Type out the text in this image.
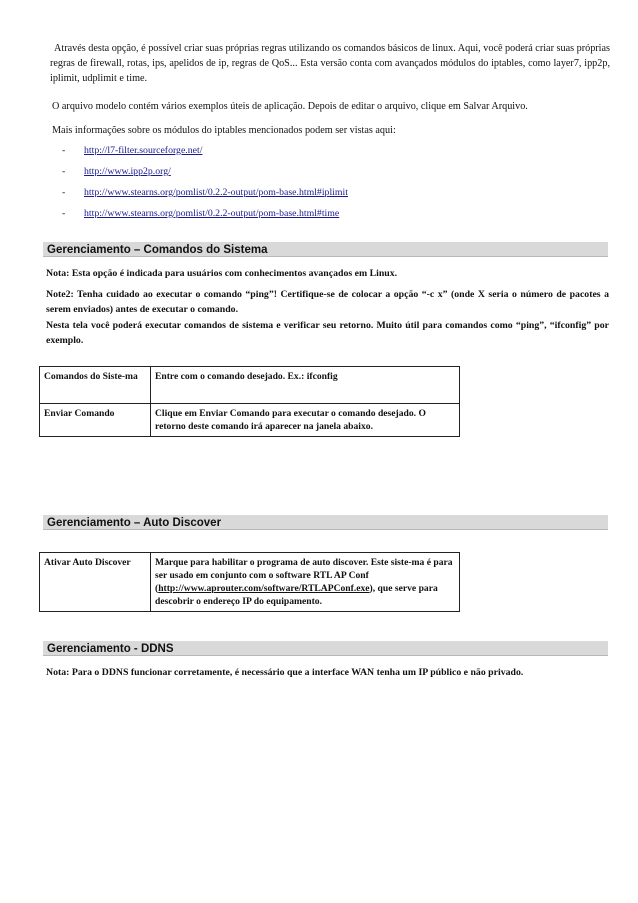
Através desta opção, é possível criar suas próprias regras utilizando os comandos básicos de linux. Aqui, você poderá criar suas próprias regras de firewall, rotas, ips, apelidos de ip, regras de QoS... Esta versão conta com avançados módulos do iptables, como layer7, ipp2p, iplimit, udplimit e time.

O arquivo modelo contém vários exemplos úteis de aplicação. Depois de editar o arquivo, clique em Salvar Arquivo.

Mais informações sobre os módulos do iptables mencionados podem ser vistas aqui:

- http://l7-filter.sourceforge.net/
- http://www.ipp2p.org/
- http://www.stearns.org/pomlist/0.2.2-output/pom-base.html#iplimit
- http://www.stearns.org/pomlist/0.2.2-output/pom-base.html#time
Gerenciamento – Comandos do Sistema

Nota: Esta opção é indicada para usuários com conhecimentos avançados em Linux.

Note2: Tenha cuidado ao executar o comando “ping”! Certifique-se de colocar a opção “-c x” (onde X seria o número de pacotes a serem enviados) antes de executar o comando.

Nesta tela você poderá executar comandos de sistema e verificar seu retorno. Muito útil para comandos como “ping”, “ifconfig” por exemplo.

Comandos do Siste-ma	Entre com o comando desejado. Ex.: ifconfig
Enviar Comando	Clique em Enviar Comando para executar o comando desejado. O retorno deste comando irá aparecer na janela abaixo.
Gerenciamento – Auto Discover
Ativar Auto Discover	Marque para habilitar o programa de auto discover. Este siste-ma é para ser usado em conjunto com o software RTL AP Conf (http://www.aprouter.com/software/RTLAPConf.exe), que serve para descobrir o endereço IP do equipamento.
Gerenciamento - DDNS

Nota: Para o DDNS funcionar corretamente, é necessário que a interface WAN tenha um IP público e não privado.
